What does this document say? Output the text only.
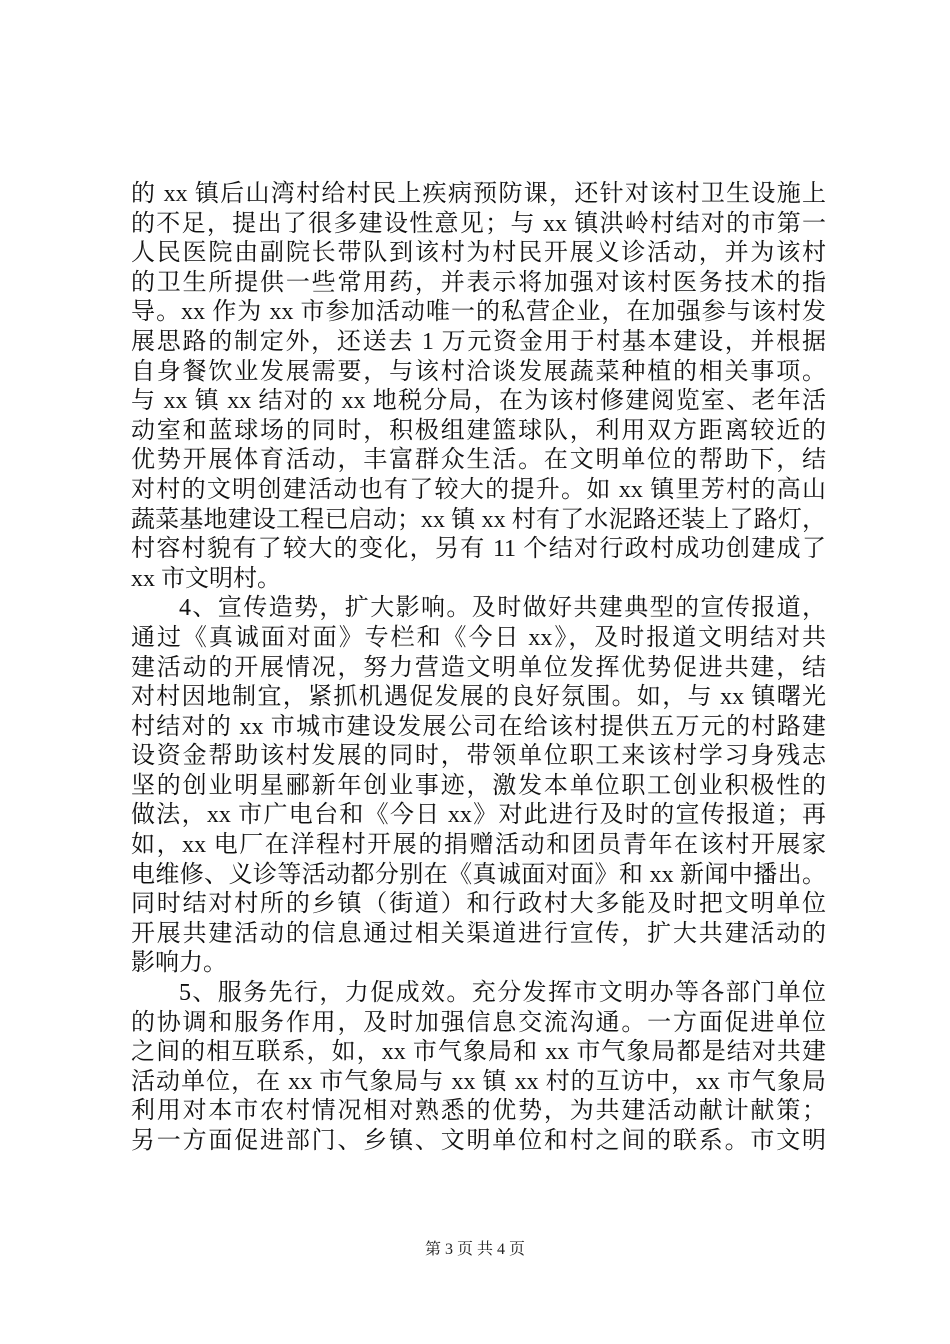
的 xx 镇后山湾村给村民上疾病预防课，还针对该村卫生设施上
的不足，提出了很多建设性意见；与 xx 镇洪岭村结对的市第一
人民医院由副院长带队到该村为村民开展义诊活动，并为该村
的卫生所提供一些常用药，并表示将加强对该村医务技术的指
导。xx 作为 xx 市参加活动唯一的私营企业，在加强参与该村发
展思路的制定外，还送去 1 万元资金用于村基本建设，并根据
自身餐饮业发展需要，与该村洽谈发展蔬菜种植的相关事项。
与 xx 镇 xx 结对的 xx 地税分局，在为该村修建阅览室、老年活
动室和蓝球场的同时，积极组建篮球队，利用双方距离较近的
优势开展体育活动，丰富群众生活。在文明单位的帮助下，结
对村的文明创建活动也有了较大的提升。如 xx 镇里芳村的高山
蔬菜基地建设工程已启动；xx 镇 xx 村有了水泥路还装上了路灯，
村容村貌有了较大的变化，另有 11 个结对行政村成功创建成了
xx 市文明村。
4、宣传造势，扩大影响。及时做好共建典型的宣传报道，
通过《真诚面对面》专栏和《今日 xx》，及时报道文明结对共
建活动的开展情况，努力营造文明单位发挥优势促进共建，结
对村因地制宜，紧抓机遇促发展的良好氛围。如，与 xx 镇曙光
村结对的 xx 市城市建设发展公司在给该村提供五万元的村路建
设资金帮助该村发展的同时，带领单位职工来该村学习身残志
坚的创业明星郦新年创业事迹，激发本单位职工创业积极性的
做法，xx 市广电台和《今日 xx》对此进行及时的宣传报道；再
如，xx 电厂在洋程村开展的捐赠活动和团员青年在该村开展家
电维修、义诊等活动都分别在《真诚面对面》和 xx 新闻中播出。
同时结对村所的乡镇（街道）和行政村大多能及时把文明单位
开展共建活动的信息通过相关渠道进行宣传，扩大共建活动的
影响力。
5、服务先行，力促成效。充分发挥市文明办等各部门单位
的协调和服务作用，及时加强信息交流沟通。一方面促进单位
之间的相互联系，如，xx 市气象局和 xx 市气象局都是结对共建
活动单位，在 xx 市气象局与 xx 镇 xx 村的互访中，xx 市气象局
利用对本市农村情况相对熟悉的优势，为共建活动献计献策；
另一方面促进部门、乡镇、文明单位和村之间的联系。市文明
第 3 页 共 4 页
